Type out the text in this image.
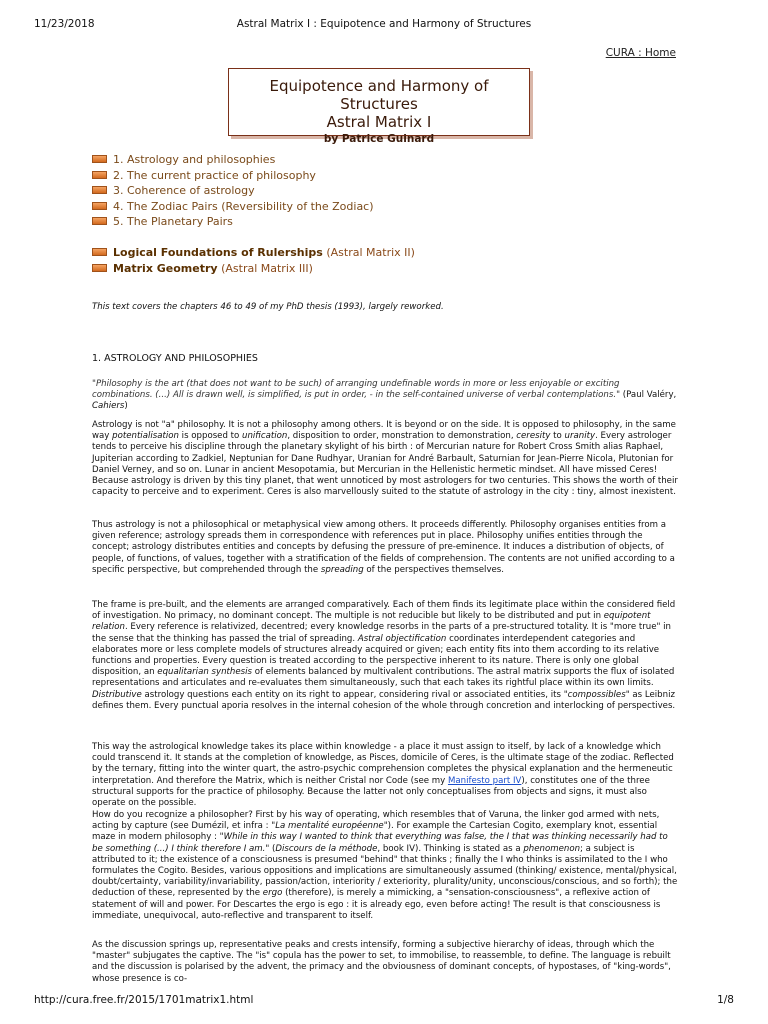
11/23/2018	Astral Matrix I : Equipotence and Harmony of Structures
CURA : Home
Equipotence and Harmony of Structures
Astral Matrix I
by Patrice Guinard
1. Astrology and philosophies
2. The current practice of philosophy
3. Coherence of astrology
4. The Zodiac Pairs (Reversibility of the Zodiac)
5. The Planetary Pairs
Logical Foundations of Rulerships (Astral Matrix II)
Matrix Geometry (Astral Matrix III)
This text covers the chapters 46 to 49 of my PhD thesis (1993), largely reworked.
1. ASTROLOGY AND PHILOSOPHIES
"Philosophy is the art (that does not want to be such) of arranging undefinable words in more or less enjoyable or exciting combinations. (...) All is drawn well, is simplified, is put in order, - in the self-contained universe of verbal contemplations." (Paul Valéry, Cahiers)
Astrology is not "a" philosophy. It is not a philosophy among others. It is beyond or on the side. It is opposed to philosophy, in the same way potentialisation is opposed to unification, disposition to order, monstration to demonstration, ceresity to uranity. Every astrologer tends to perceive his discipline through the planetary skylight of his birth : of Mercurian nature for Robert Cross Smith alias Raphael, Jupiterian according to Zadkiel, Neptunian for Dane Rudhyar, Uranian for André Barbault, Saturnian for Jean-Pierre Nicola, Plutonian for Daniel Verney, and so on. Lunar in ancient Mesopotamia, but Mercurian in the Hellenistic hermetic mindset. All have missed Ceres! Because astrology is driven by this tiny planet, that went unnoticed by most astrologers for two centuries. This shows the worth of their capacity to perceive and to experiment. Ceres is also marvellously suited to the statute of astrology in the city : tiny, almost inexistent.
Thus astrology is not a philosophical or metaphysical view among others. It proceeds differently. Philosophy organises entities from a given reference; astrology spreads them in correspondence with references put in place. Philosophy unifies entities through the concept; astrology distributes entities and concepts by defusing the pressure of pre-eminence. It induces a distribution of objects, of people, of functions, of values, together with a stratification of the fields of comprehension. The contents are not unified according to a specific perspective, but comprehended through the spreading of the perspectives themselves.
The frame is pre-built, and the elements are arranged comparatively. Each of them finds its legitimate place within the considered field of investigation. No primacy, no dominant concept. The multiple is not reducible but likely to be distributed and put in equipotent relation. Every reference is relativized, decentred; every knowledge resorbs in the parts of a pre-structured totality. It is "more true" in the sense that the thinking has passed the trial of spreading. Astral objectification coordinates interdependent categories and elaborates more or less complete models of structures already acquired or given; each entity fits into them according to its relative functions and properties. Every question is treated according to the perspective inherent to its nature. There is only one global disposition, an equalitarian synthesis of elements balanced by multivalent contributions. The astral matrix supports the flux of isolated representations and articulates and re-evaluates them simultaneously, such that each takes its rightful place within its own limits. Distributive astrology questions each entity on its right to appear, considering rival or associated entities, its "compossibles" as Leibniz defines them. Every punctual aporia resolves in the internal cohesion of the whole through concretion and interlocking of perspectives.
This way the astrological knowledge takes its place within knowledge - a place it must assign to itself, by lack of a knowledge which could transcend it. It stands at the completion of knowledge, as Pisces, domicile of Ceres, is the ultimate stage of the zodiac. Reflected by the ternary, fitting into the winter quart, the astro-psychic comprehension completes the physical explanation and the hermeneutic interpretation. And therefore the Matrix, which is neither Cristal nor Code (see my Manifesto part IV), constitutes one of the three structural supports for the practice of philosophy. Because the latter not only conceptualises from objects and signs, it must also operate on the possible.
How do you recognize a philosopher? First by his way of operating, which resembles that of Varuna, the linker god armed with nets, acting by capture (see Dumézil, et infra : "La mentalité européenne"). For example the Cartesian Cogito, exemplary knot, essential maze in modern philosophy : "While in this way I wanted to think that everything was false, the I that was thinking necessarily had to be something (...) I think therefore I am." (Discours de la méthode, book IV). Thinking is stated as a phenomenon; a subject is attributed to it; the existence of a consciousness is presumed "behind" that thinks ; finally the I who thinks is assimilated to the I who formulates the Cogito. Besides, various oppositions and implications are simultaneously assumed (thinking/ existence, mental/physical, doubt/certainty, variability/invariability, passion/action, interiority / exteriority, plurality/unity, unconscious/conscious, and so forth); the deduction of these, represented by the ergo (therefore), is merely a mimicking, a "sensation-consciousness", a reflexive action of statement of will and power. For Descartes the ergo is ego : it is already ego, even before acting! The result is that consciousness is immediate, unequivocal, auto-reflective and transparent to itself.
As the discussion springs up, representative peaks and crests intensify, forming a subjective hierarchy of ideas, through which the "master" subjugates the captive. The "is" copula has the power to set, to immobilise, to reassemble, to define. The language is rebuilt and the discussion is polarised by the advent, the primacy and the obviousness of dominant concepts, of hypostases, of "king-words", whose presence is co-
http://cura.free.fr/2015/1701matrix1.html	1/8
